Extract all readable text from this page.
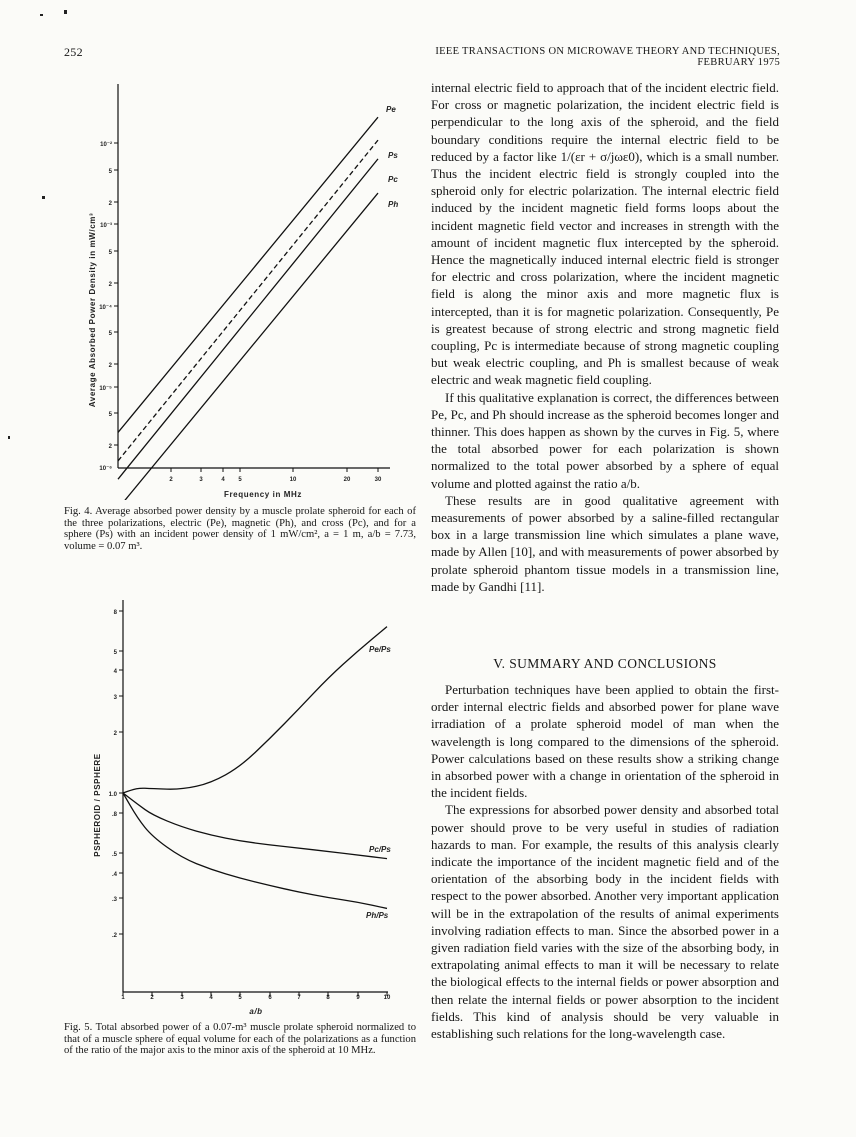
252	IEEE TRANSACTIONS ON MICROWAVE THEORY AND TECHNIQUES, FEBRUARY 1975
10⁻²
5
2
10⁻³
5
2
10⁻⁴
5
2
10⁻⁵
5
2
10⁻⁶
2	3	4 5	10	20	30
Frequency in MHz
Average Absorbed Power Density in mW/cm³
Pe
Ps
Pc
Ph

Fig. 4. Average absorbed power density by a muscle prolate spheroid for each of the three polarizations, electric (Pe), magnetic (Ph), and cross (Pc), and for a sphere (Ps) with an incident power density of 1 mW/cm², a = 1 m, a/b = 7.73, volume = 0.07 m³.

8
5
4
3
2
1.0
.8
.5
.4
.3
.2
1	2	3	4	5	6	7	8	9	10
a/b
PSPHEROID / PSPHERE
Pe/Ps
Pc/Ps
Ph/Ps

Fig. 5. Total absorbed power of a 0.07-m³ muscle prolate spheroid normalized to that of a muscle sphere of equal volume for each of the polarizations as a function of the ratio of the major axis to the minor axis of the spheroid at 10 MHz.

internal electric field to approach that of the incident electric field. For cross or magnetic polarization, the incident electric field is perpendicular to the long axis of the spheroid, and the field boundary conditions require the internal electric field to be reduced by a factor like 1/(εr + σ/jωε0), which is a small number. Thus the incident electric field is strongly coupled into the spheroid only for electric polarization. The internal electric field induced by the incident magnetic field forms loops about the incident magnetic field vector and increases in strength with the amount of incident magnetic flux intercepted by the spheroid. Hence the magnetically induced internal electric field is stronger for electric and cross polarization, where the incident magnetic field is along the minor axis and more magnetic flux is intercepted, than it is for magnetic polarization. Consequently, Pe is greatest because of strong electric and strong magnetic field coupling, Pc is intermediate because of strong magnetic coupling but weak electric coupling, and Ph is smallest because of weak electric and weak magnetic field coupling.

If this qualitative explanation is correct, the differences between Pe, Pc, and Ph should increase as the spheroid becomes longer and thinner. This does happen as shown by the curves in Fig. 5, where the total absorbed power for each polarization is shown normalized to the total power absorbed by a sphere of equal volume and plotted against the ratio a/b.

These results are in good qualitative agreement with measurements of power absorbed by a saline-filled rectangular box in a large transmission line which simulates a plane wave, made by Allen [10], and with measurements of power absorbed by prolate spheroid phantom tissue models in a transmission line, made by Gandhi [11].

V. SUMMARY AND CONCLUSIONS

Perturbation techniques have been applied to obtain the first-order internal electric fields and absorbed power for plane wave irradiation of a prolate spheroid model of man when the wavelength is long compared to the dimensions of the spheroid. Power calculations based on these results show a striking change in absorbed power with a change in orientation of the spheroid in the incident fields.

The expressions for absorbed power density and absorbed total power should prove to be very useful in studies of radiation hazards to man. For example, the results of this analysis clearly indicate the importance of the incident magnetic field and of the orientation of the absorbing body in the incident fields with respect to the power absorbed. Another very important application will be in the extrapolation of the results of animal experiments involving radiation effects to man. Since the absorbed power in a given radiation field varies with the size of the absorbing body, in extrapolating animal effects to man it will be necessary to relate the biological effects to the internal fields or power absorption and then relate the internal fields or power absorption to the incident fields. This kind of analysis should be very valuable in establishing such relations for the long-wavelength case.
